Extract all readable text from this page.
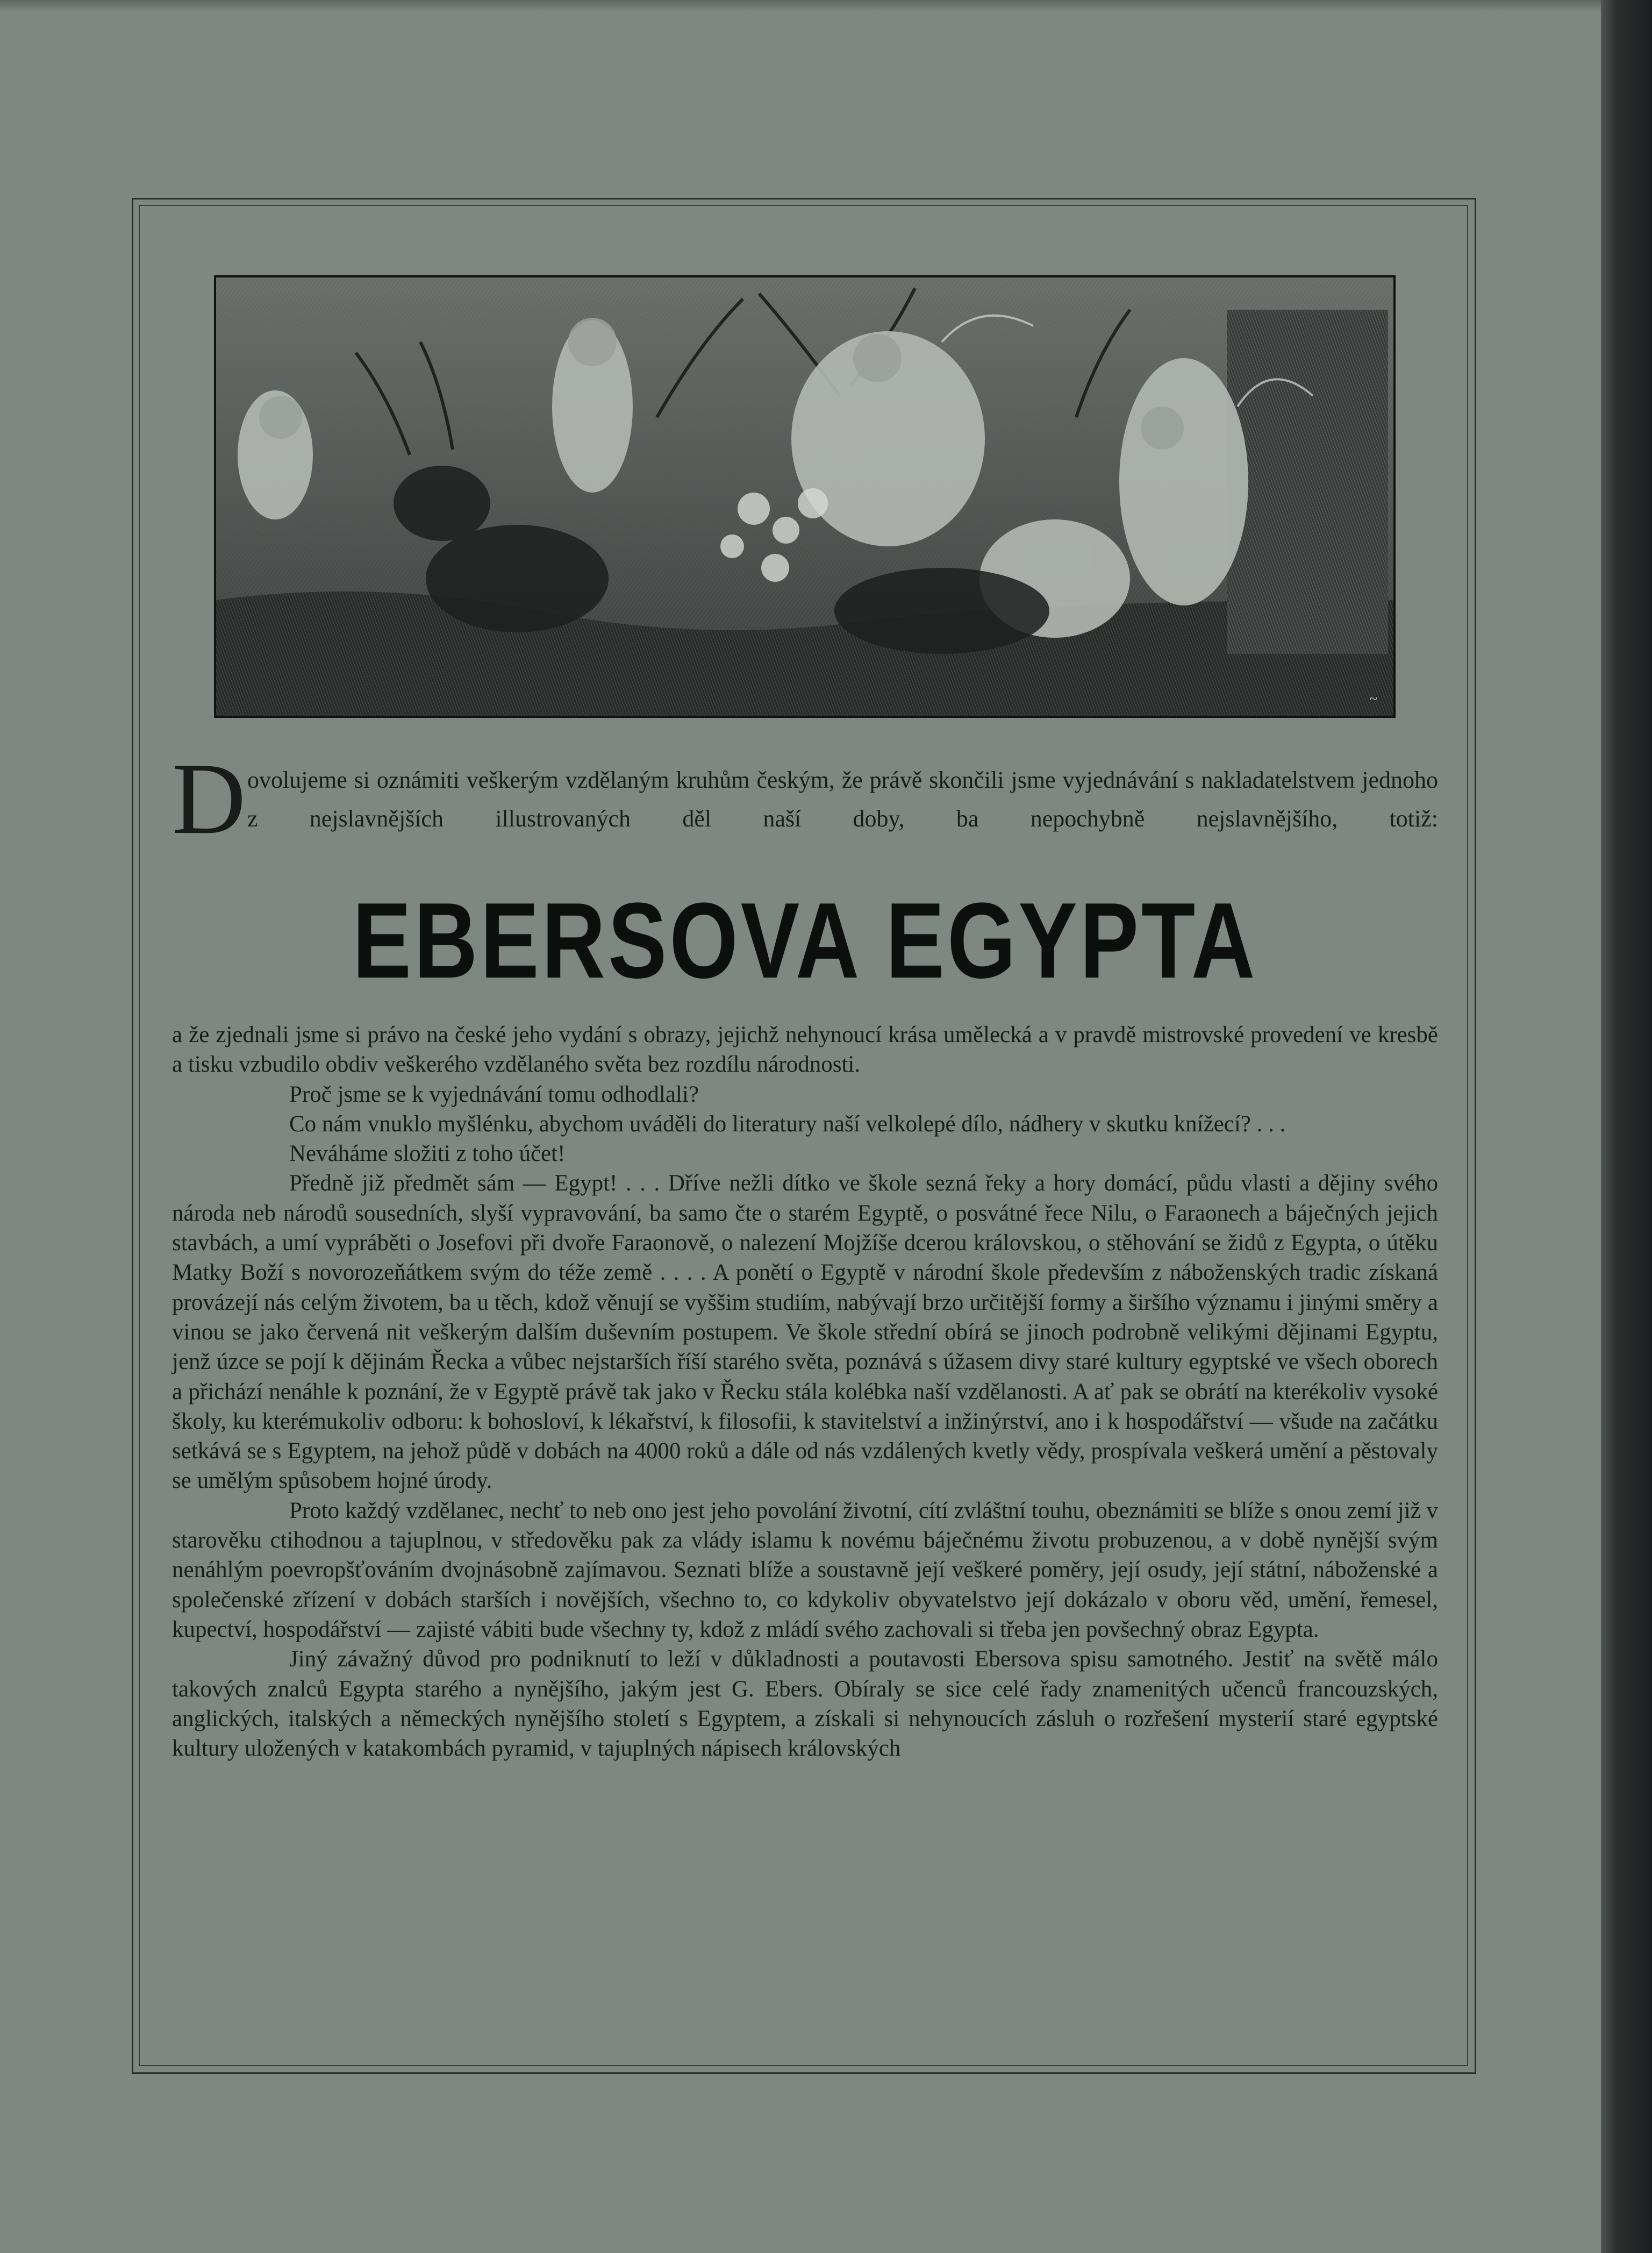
~
D ovolujeme si oznámiti veškerým vzdělaným kruhům českým, že právě skončili jsme vyjednávání s nakladatelstvem jednoho z nejslavnějších illustrovaných děl naší doby, ba nepochybně nejslavnějšího, totiž:
EBERSOVA EGYPTA

a že zjednali jsme si právo na české jeho vydání s obrazy, jejichž nehynoucí krása umělecká a v pravdě mistrovské provedení ve kresbě a tisku vzbudilo obdiv veškerého vzdělaného světa bez rozdílu národnosti.

Proč jsme se k vyjednávání tomu odhodlali?

Co nám vnuklo myšlénku, abychom uváděli do literatury naší velkolepé dílo, nádhery v skutku knížecí? . . .

Neváháme složiti z toho účet!

Předně již předmět sám — Egypt! . . . Dříve nežli dítko ve škole sezná řeky a hory domácí, půdu vlasti a dějiny svého národa neb národů sousedních, slyší vypravování, ba samo čte o starém Egyptě, o posvátné řece Nilu, o Faraonech a báječných jejich stavbách, a umí vypráběti o Josefovi při dvoře Faraonově, o nalezení Mojžíše dcerou královskou, o stěhování se židů z Egypta, o útěku Matky Boží s novorozeňátkem svým do téže země . . . . A ponětí o Egyptě v národní škole především z náboženských tradic získaná provázejí nás celým životem, ba u těch, kdož věnují se vyššim studiím, nabývají brzo určitější formy a širšího významu i jinými směry a vinou se jako červená nit veškerým dalším duševním postupem. Ve škole střední obírá se jinoch podrobně velikými dějinami Egyptu, jenž úzce se pojí k dějinám Řecka a vůbec nejstarších říší starého světa, poznává s úžasem divy staré kultury egyptské ve všech oborech a přichází nenáhle k poznání, že v Egyptě právě tak jako v Řecku stála kolébka naší vzdělanosti. A ať pak se obrátí na kterékoliv vysoké školy, ku kterémukoliv odboru: k bohosloví, k lékařství, k filosofii, k stavitelství a inžinýrství, ano i k hospodářství — všude na začátku setkává se s Egyptem, na jehož půdě v dobách na 4000 roků a dále od nás vzdálených kvetly vědy, prospívala veškerá umění a pěstovaly se umělým spůsobem hojné úrody.

Proto každý vzdělanec, nechť to neb ono jest jeho povolání životní, cítí zvláštní touhu, obeznámiti se blíže s onou zemí již v starověku ctihodnou a tajuplnou, v středověku pak za vlády islamu k novému báječnému životu probuzenou, a v době nynější svým nenáhlým poevropšťováním dvojnásobně zajímavou. Seznati blíže a soustavně její veškeré poměry, její osudy, její státní, náboženské a společenské zřízení v dobách starších i novějších, všechno to, co kdykoliv obyvatelstvo její dokázalo v oboru věd, umění, řemesel, kupectví, hospodářství — zajisté vábiti bude všechny ty, kdož z mládí svého zachovali si třeba jen povšechný obraz Egypta.

Jiný závažný důvod pro podniknutí to leží v důkladnosti a poutavosti Ebersova spisu samotného. Jestiť na světě málo takových znalců Egypta starého a nynějšího, jakým jest G. Ebers. Obíraly se sice celé řady znamenitých učenců francouzských, anglických, italských a německých nynějšího století s Egyptem, a získali si nehynoucích zásluh o rozřešení mysterií staré egyptské kultury uložených v katakombách pyramid, v tajuplných nápisech královských
